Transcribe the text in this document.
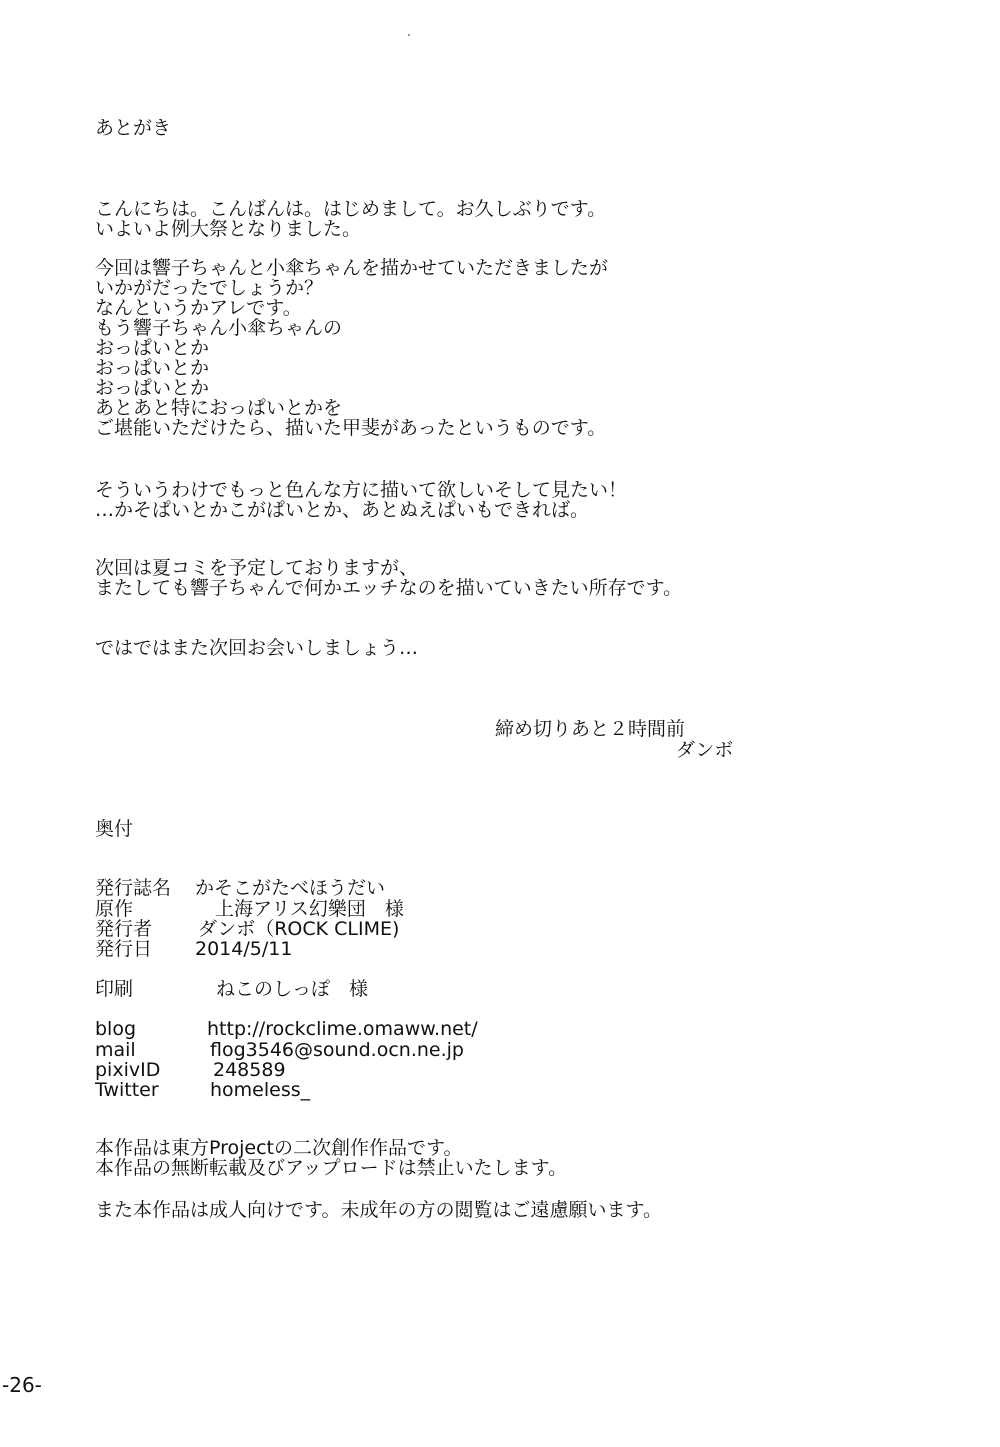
あとがき
こんにちは。こんばんは。はじめまして。お久しぶりです。
いよいよ例大祭となりました。
今回は響子ちゃんと小傘ちゃんを描かせていただきましたが
いかがだったでしょうか？
なんというかアレです。
もう響子ちゃん小傘ちゃんの
おっぱいとか
おっぱいとか
おっぱいとか
あとあと特におっぱいとかを
ご堪能いただけたら、描いた甲斐があったというものです。
そういうわけでもっと色んな方に描いて欲しいそして見たい！
…かそぱいとかこがぱいとか、あとぬえぱいもできれば。
次回は夏コミを予定しておりますが、
またしても響子ちゃんで何かエッチなのを描いていきたい所存です。
ではではまた次回お会いしましょう…
締め切りあと２時間前
ダンボ
奥付
発行誌名 かそこがたべほうだい
原作	上海アリス幻樂団　様
発行者 ダンボ（ROCK CLIME)
発行日 2014/5/11
印刷	ねこのしっぽ　様
blog	http://rockclime.omaww.net/
mail	flog3546@sound.ocn.ne.jp
pixivID	248589
Twitter	homeless_
本作品は東方Projectの二次創作作品です。
本作品の無断転載及びアップロードは禁止いたします。
また本作品は成人向けです。未成年の方の閲覧はご遠慮願います。
-26-
